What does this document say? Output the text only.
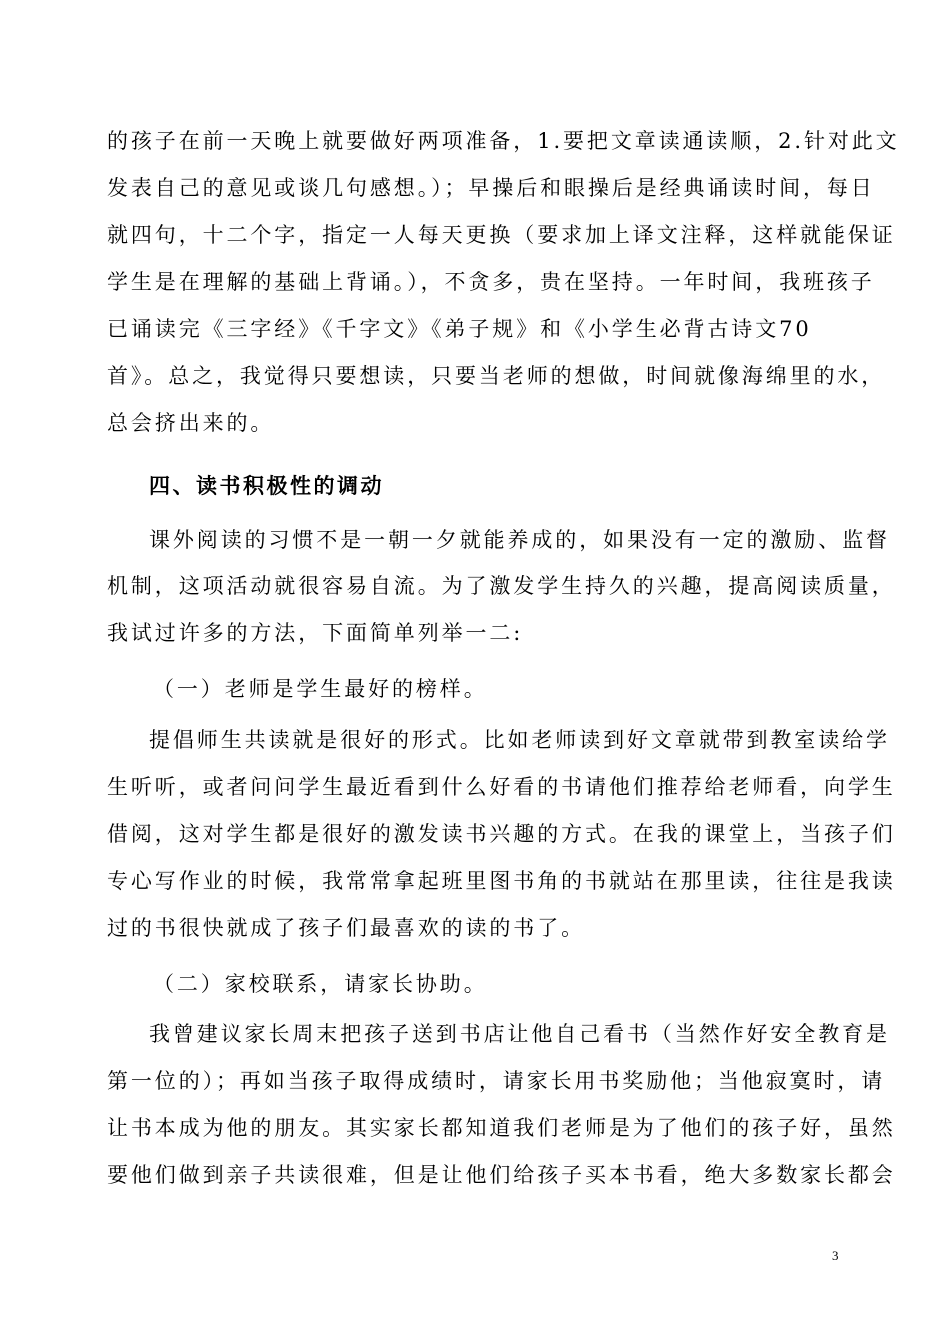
的孩子在前一天晚上就要做好两项准备，1.要把文章读通读顺，2.针对此文
发表自己的意见或谈几句感想。）；早操后和眼操后是经典诵读时间，每日
就四句，十二个字，指定一人每天更换（要求加上译文注释，这样就能保证
学生是在理解的基础上背诵。），不贪多，贵在坚持。一年时间，我班孩子
已诵读完《三字经》《千字文》《弟子规》和《小学生必背古诗文70
首》。总之，我觉得只要想读，只要当老师的想做，时间就像海绵里的水，
总会挤出来的。
四、读书积极性的调动
课外阅读的习惯不是一朝一夕就能养成的，如果没有一定的激励、监督
机制，这项活动就很容易自流。为了激发学生持久的兴趣，提高阅读质量，
我试过许多的方法，下面简单列举一二:
（一）老师是学生最好的榜样。
提倡师生共读就是很好的形式。比如老师读到好文章就带到教室读给学
生听听，或者问问学生最近看到什么好看的书请他们推荐给老师看，向学生
借阅，这对学生都是很好的激发读书兴趣的方式。在我的课堂上，当孩子们
专心写作业的时候，我常常拿起班里图书角的书就站在那里读，往往是我读
过的书很快就成了孩子们最喜欢的读的书了。
（二）家校联系，请家长协助。
我曾建议家长周末把孩子送到书店让他自己看书（当然作好安全教育是
第一位的）；再如当孩子取得成绩时，请家长用书奖励他；当他寂寞时，请
让书本成为他的朋友。其实家长都知道我们老师是为了他们的孩子好，虽然
要他们做到亲子共读很难，但是让他们给孩子买本书看，绝大多数家长都会
3
